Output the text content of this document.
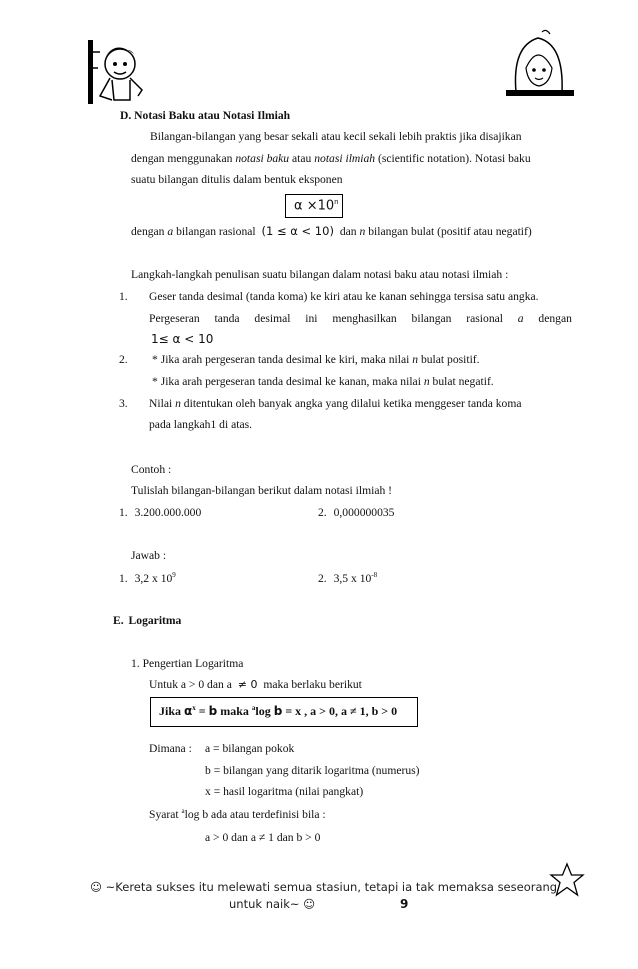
D. Notasi Baku atau Notasi Ilmiah
Bilangan-bilangan yang besar sekali atau kecil sekali lebih praktis jika disajikan
dengan menggunakan notasi baku atau notasi ilmiah (scientific notation). Notasi baku
suatu bilangan ditulis dalam bentuk eksponen
$\alpha \times 10^n$
dengan a bilangan rasional (1 ≤ α < 10) dan n bilangan bulat (positif atau negatif)
Langkah-langkah penulisan suatu bilangan dalam notasi baku atau notasi ilmiah :
1. Geser tanda desimal (tanda koma) ke kiri atau ke kanan sehingga tersisa satu angka.
Pergeseran tanda desimal ini menghasilkan bilangan rasional a dengan
1≤ α < 10
2. * Jika arah pergeseran tanda desimal ke kiri, maka nilai n bulat positif.
* Jika arah pergeseran tanda desimal ke kanan, maka nilai n bulat negatif.
3. Nilai n ditentukan oleh banyak angka yang dilalui ketika menggeser tanda koma
pada langkah1 di atas.
Contoh :
Tulislah bilangan-bilangan berikut dalam notasi ilmiah !
1. 3.200.000.000	2. 0,000000035
Jawab :
1. 3,2 x $10^9$	2. 3,5 x $10^{-8}$
E. Logaritma
1. Pengertian Logaritma
Untuk a > 0 dan a ≠ 0 maka berlaku berikut
Jika $\alpha^x = b$ maka $^a$log b = x , a > 0, a ≠ 1, b > 0
Dimana : a = bilangan pokok
b = bilangan yang ditarik logaritma (numerus)
x = hasil logaritma (nilai pangkat)
Syarat $^a$log b ada atau terdefinisi bila :
a > 0 dan a ≠ 1 dan b > 0
☺ ~Kereta sukses itu melewati semua stasiun, tetapi ia tak memaksa seseorang
untuk naik~ ☺	9
